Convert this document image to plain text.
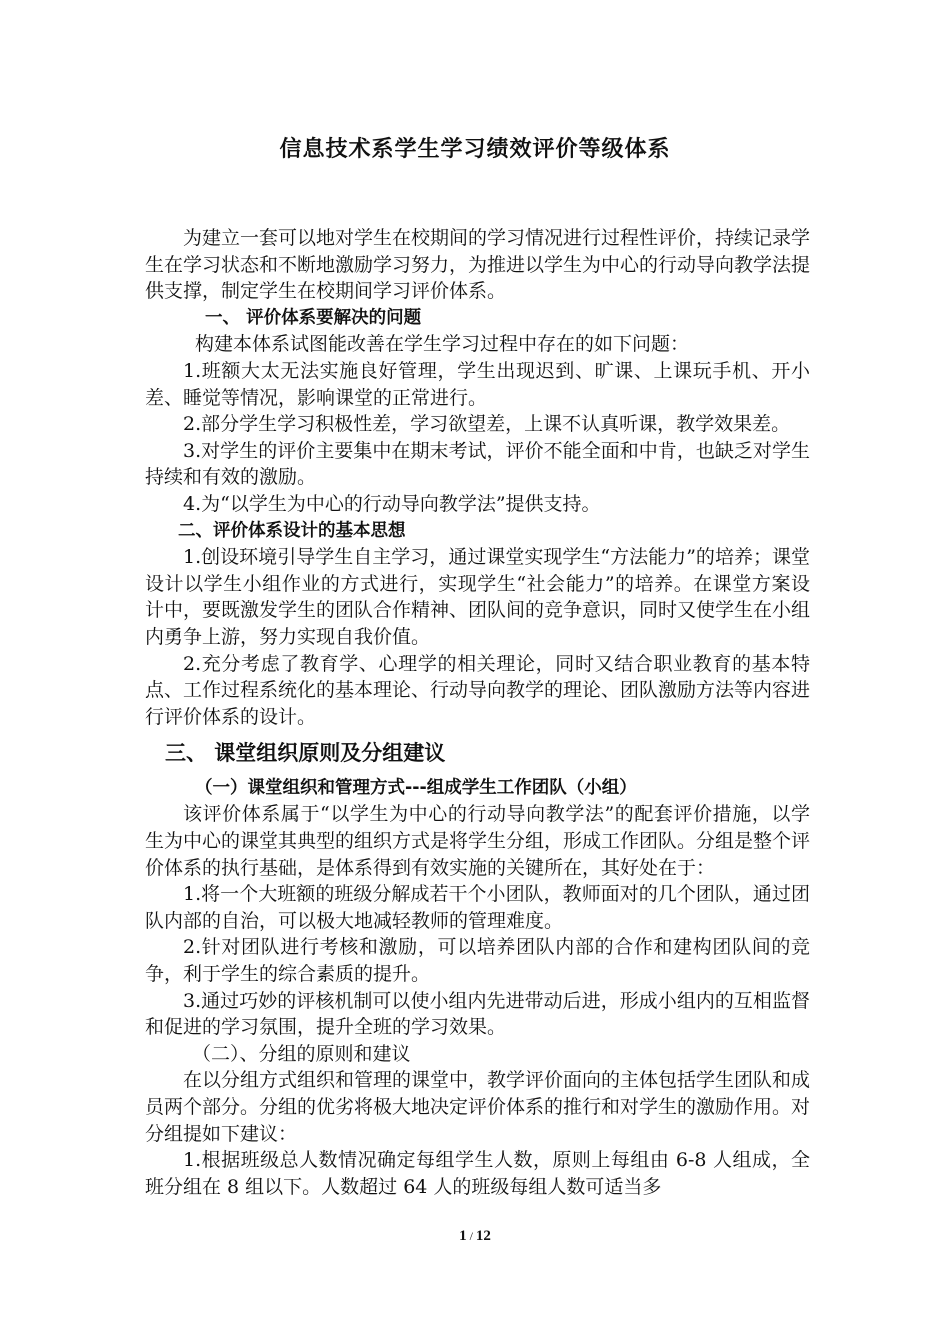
信息技术系学生学习绩效评价等级体系

为建立一套可以地对学生在校期间的学习情况进行过程性评价，持续记录学生在学习状态和不断地激励学习努力，为推进以学生为中心的行动导向教学法提供支撑，制定学生在校期间学习评价体系。

一、 评价体系要解决的问题

构建本体系试图能改善在学生学习过程中存在的如下问题：

1.班额大太无法实施良好管理，学生出现迟到、旷课、上课玩手机、开小差、睡觉等情况，影响课堂的正常进行。

2.部分学生学习积极性差，学习欲望差，上课不认真听课，教学效果差。

3.对学生的评价主要集中在期末考试，评价不能全面和中肯，也缺乏对学生持续和有效的激励。

4.为“以学生为中心的行动导向教学法”提供支持。

二、评价体系设计的基本思想

1.创设环境引导学生自主学习，通过课堂实现学生“方法能力”的培养；课堂设计以学生小组作业的方式进行，实现学生“社会能力”的培养。在课堂方案设计中，要既激发学生的团队合作精神、团队间的竞争意识，同时又使学生在小组内勇争上游，努力实现自我价值。

2.充分考虑了教育学、心理学的相关理论，同时又结合职业教育的基本特点、工作过程系统化的基本理论、行动导向教学的理论、团队激励方法等内容进行评价体系的设计。

三、 课堂组织原则及分组建议

（一）课堂组织和管理方式---组成学生工作团队（小组）

该评价体系属于“以学生为中心的行动导向教学法”的配套评价措施，以学生为中心的课堂其典型的组织方式是将学生分组，形成工作团队。分组是整个评价体系的执行基础，是体系得到有效实施的关键所在，其好处在于：

1.将一个大班额的班级分解成若干个小团队，教师面对的几个团队，通过团队内部的自治，可以极大地减轻教师的管理难度。

2.针对团队进行考核和激励，可以培养团队内部的合作和建构团队间的竞争，利于学生的综合素质的提升。

3.通过巧妙的评核机制可以使小组内先进带动后进，形成小组内的互相监督和促进的学习氛围，提升全班的学习效果。

（二）、分组的原则和建议

在以分组方式组织和管理的课堂中，教学评价面向的主体包括学生团队和成员两个部分。分组的优劣将极大地决定评价体系的推行和对学生的激励作用。对分组提如下建议：

1.根据班级总人数情况确定每组学生人数，原则上每组由 6-8 人组成，全班分组在 8 组以下。人数超过 64 人的班级每组人数可适当多

1 / 12
